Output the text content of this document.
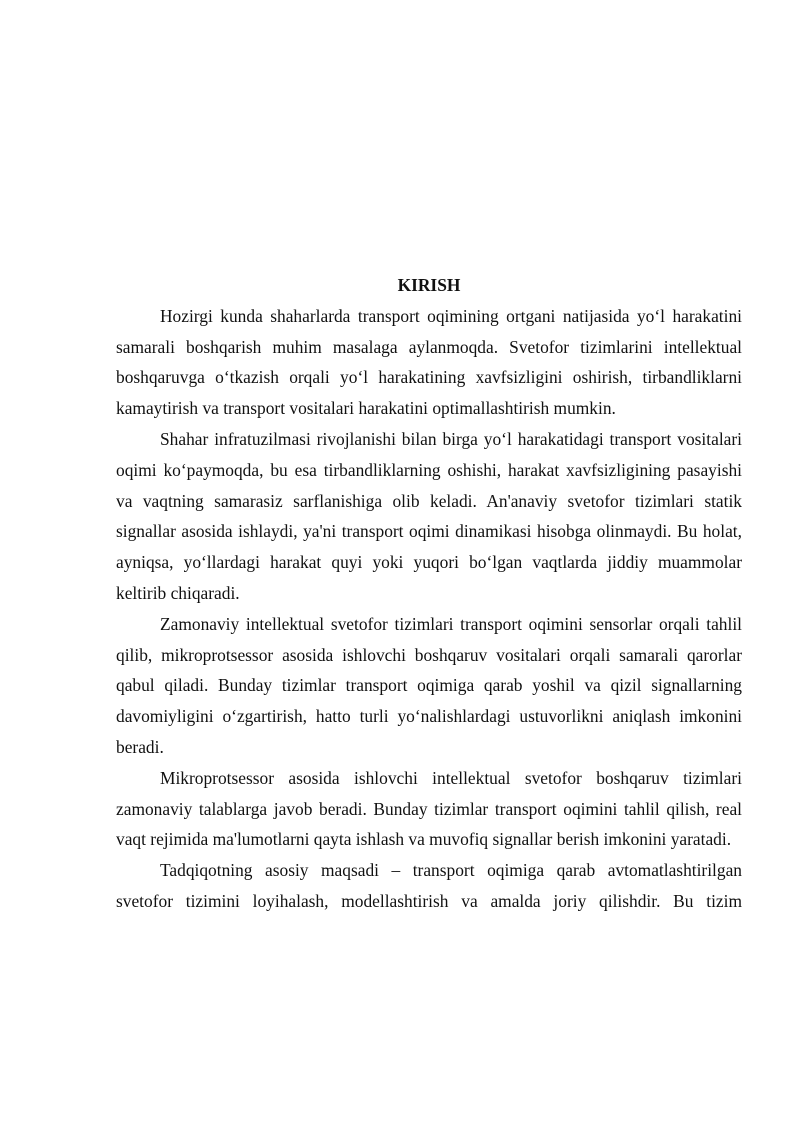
KIRISH

Hozirgi kunda shaharlarda transport oqimining ortgani natijasida yo‘l harakatini samarali boshqarish muhim masalaga aylanmoqda. Svetofor tizimlarini intellektual boshqaruvga o‘tkazish orqali yo‘l harakatining xavfsizligini oshirish, tirbandliklarni kamaytirish va transport vositalari harakatini optimallashtirish mumkin.

Shahar infratuzilmasi rivojlanishi bilan birga yo‘l harakatidagi transport vositalari oqimi ko‘paymoqda, bu esa tirbandliklarning oshishi, harakat xavfsizligining pasayishi va vaqtning samarasiz sarflanishiga olib keladi. An'anaviy svetofor tizimlari statik signallar asosida ishlaydi, ya'ni transport oqimi dinamikasi hisobga olinmaydi. Bu holat, ayniqsa, yo‘llardagi harakat quyi yoki yuqori bo‘lgan vaqtlarda jiddiy muammolar keltirib chiqaradi.

Zamonaviy intellektual svetofor tizimlari transport oqimini sensorlar orqali tahlil qilib, mikroprotsessor asosida ishlovchi boshqaruv vositalari orqali samarali qarorlar qabul qiladi. Bunday tizimlar transport oqimiga qarab yoshil va qizil signallarning davomiyligini o‘zgartirish, hatto turli yo‘nalishlardagi ustuvorlikni aniqlash imkonini beradi.

Mikroprotsessor asosida ishlovchi intellektual svetofor boshqaruv tizimlari zamonaviy talablarga javob beradi. Bunday tizimlar transport oqimini tahlil qilish, real vaqt rejimida ma'lumotlarni qayta ishlash va muvofiq signallar berish imkonini yaratadi.

Tadqiqotning asosiy maqsadi – transport oqimiga qarab avtomatlashtirilgan svetofor tizimini loyihalash, modellashtirish va amalda joriy qilishdir. Bu tizim
